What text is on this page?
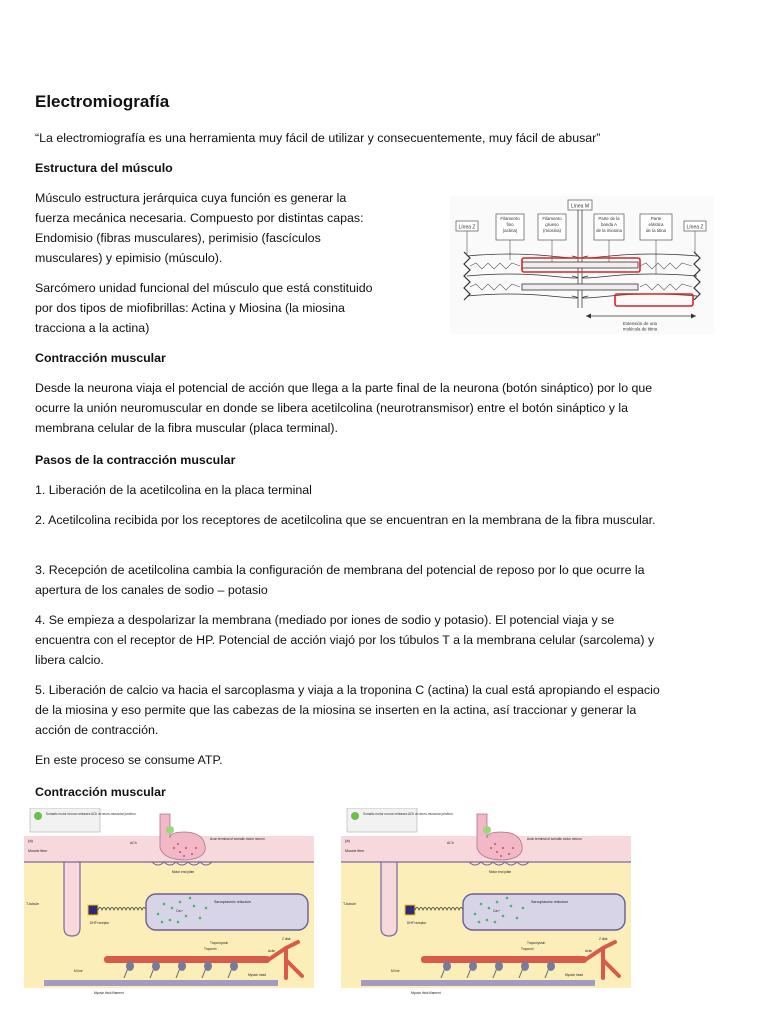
Electromiografía
“La electromiografía es una herramienta muy fácil de utilizar y consecuentemente, muy fácil de abusar”
Estructura del músculo
Músculo estructura jerárquica cuya función es generar la fuerza mecánica necesaria. Compuesto por distintas capas: Endomisio (fibras musculares), perimisio (fascículos musculares) y epimisio (músculo).
Sarcómero unidad funcional del músculo que está constituido por dos tipos de miofibrillas: Actina y Miosina (la miosina tracciona a la actina)
Línea M
Línea Z
Filamento fino (actina)
Filamento grueso (miosina)
Parte de la banda A de la miosina
Parte elástica de la titina	Línea Z
Extensión de una molécula de titina
Contracción muscular
Desde la neurona viaja el potencial de acción que llega a la parte final de la neurona (botón sináptico) por lo que ocurre la unión neuromuscular en donde se libera acetilcolina (neurotransmisor) entre el botón sináptico y la membrana celular de la fibra muscular (placa terminal).
Pasos de la contracción muscular
1. Liberación de la acetilcolina en la placa terminal
2. Acetilcolina recibida por los receptores de acetilcolina que se encuentran en la membrana de la fibra muscular.
3. Recepción de acetilcolina cambia la configuración de membrana del potencial de reposo por lo que ocurre la apertura de los canales de sodio – potasio
4. Se empieza a despolarizar la membrana (mediado por iones de sodio y potasio). El potencial viaja y se encuentra con el receptor de HP. Potencial de acción viajó por los túbulos T a la membrana celular (sarcolema) y libera calcio.
5. Liberación de calcio va hacia el sarcoplasma y viaja a la troponina C (actina) la cual está apropiando el espacio de la miosina y eso permite que las cabezas de la miosina se inserten en la actina, así traccionar y generar la acción de contracción.
En este proceso se consume ATP.
Contracción muscular
Somatic motor neuron releases ACh at neuro-muscular junction.
(a)
Muscle fiber
T-tubule
DHP receptor
Sarcoplasmic reticulum
Ca²⁺
Axon terminal of somatic motor neuron
ACh
Motor end plate
Tropomyosin
Troponin	Actin
Z disk
M line
Myosin head
Myosin thick filament
Somatic motor neuron releases ACh at neuro-muscular junction.
(a)
Muscle fiber
T-tubule
DHP receptor
Sarcoplasmic reticulum
Ca²⁺
Axon terminal of somatic motor neuron
ACh
Motor end plate
Tropomyosin
Troponin	Actin
Z disk
M line
Myosin head
Myosin thick filament
